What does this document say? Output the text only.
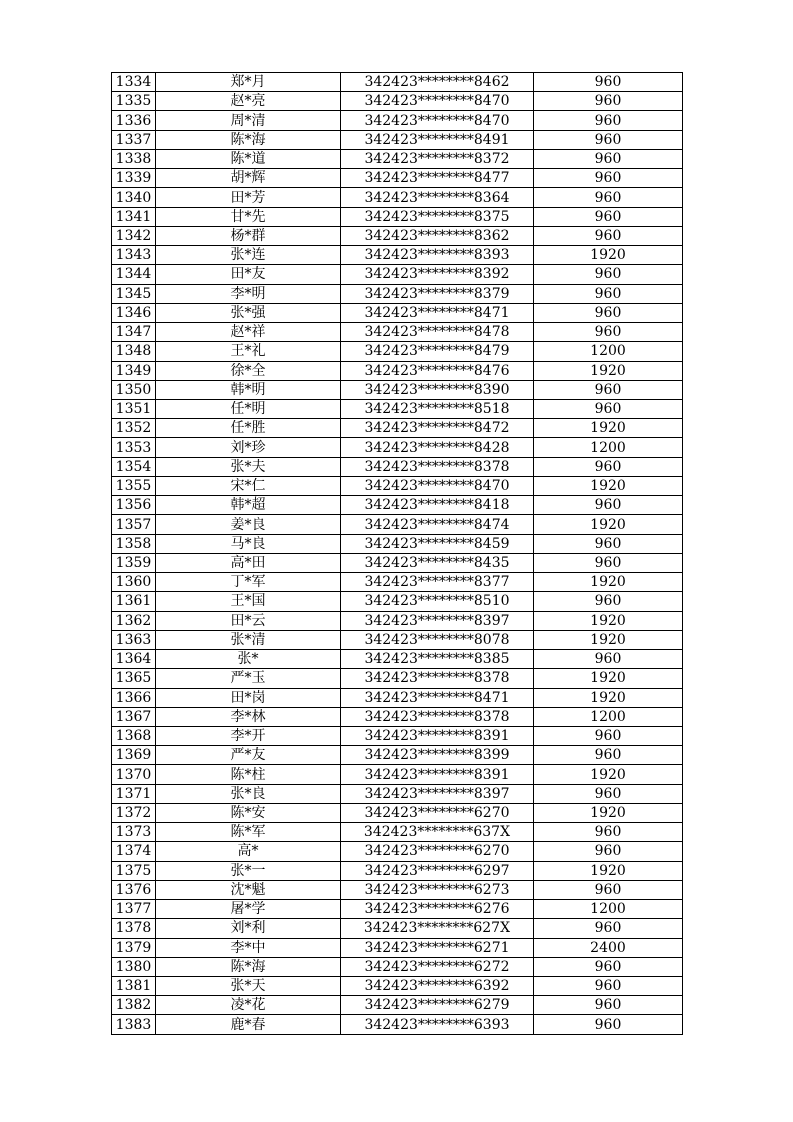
1334	郑*月	342423********8462	960
1335	赵*亮	342423********8470	960
1336	周*清	342423********8470	960
1337	陈*海	342423********8491	960
1338	陈*道	342423********8372	960
1339	胡*辉	342423********8477	960
1340	田*芳	342423********8364	960
1341	甘*先	342423********8375	960
1342	杨*群	342423********8362	960
1343	张*连	342423********8393	1920
1344	田*友	342423********8392	960
1345	李*明	342423********8379	960
1346	张*强	342423********8471	960
1347	赵*祥	342423********8478	960
1348	王*礼	342423********8479	1200
1349	徐*全	342423********8476	1920
1350	韩*明	342423********8390	960
1351	任*明	342423********8518	960
1352	任*胜	342423********8472	1920
1353	刘*珍	342423********8428	1200
1354	张*夫	342423********8378	960
1355	宋*仁	342423********8470	1920
1356	韩*超	342423********8418	960
1357	姜*良	342423********8474	1920
1358	马*良	342423********8459	960
1359	高*田	342423********8435	960
1360	丁*军	342423********8377	1920
1361	王*国	342423********8510	960
1362	田*云	342423********8397	1920
1363	张*清	342423********8078	1920
1364	张*	342423********8385	960
1365	严*玉	342423********8378	1920
1366	田*岗	342423********8471	1920
1367	李*林	342423********8378	1200
1368	李*开	342423********8391	960
1369	严*友	342423********8399	960
1370	陈*柱	342423********8391	1920
1371	张*良	342423********8397	960
1372	陈*安	342423********6270	1920
1373	陈*军	342423********637X	960
1374	高*	342423********6270	960
1375	张*一	342423********6297	1920
1376	沈*魁	342423********6273	960
1377	屠*学	342423********6276	1200
1378	刘*利	342423********627X	960
1379	李*中	342423********6271	2400
1380	陈*海	342423********6272	960
1381	张*天	342423********6392	960
1382	凌*花	342423********6279	960
1383	鹿*春	342423********6393	960
